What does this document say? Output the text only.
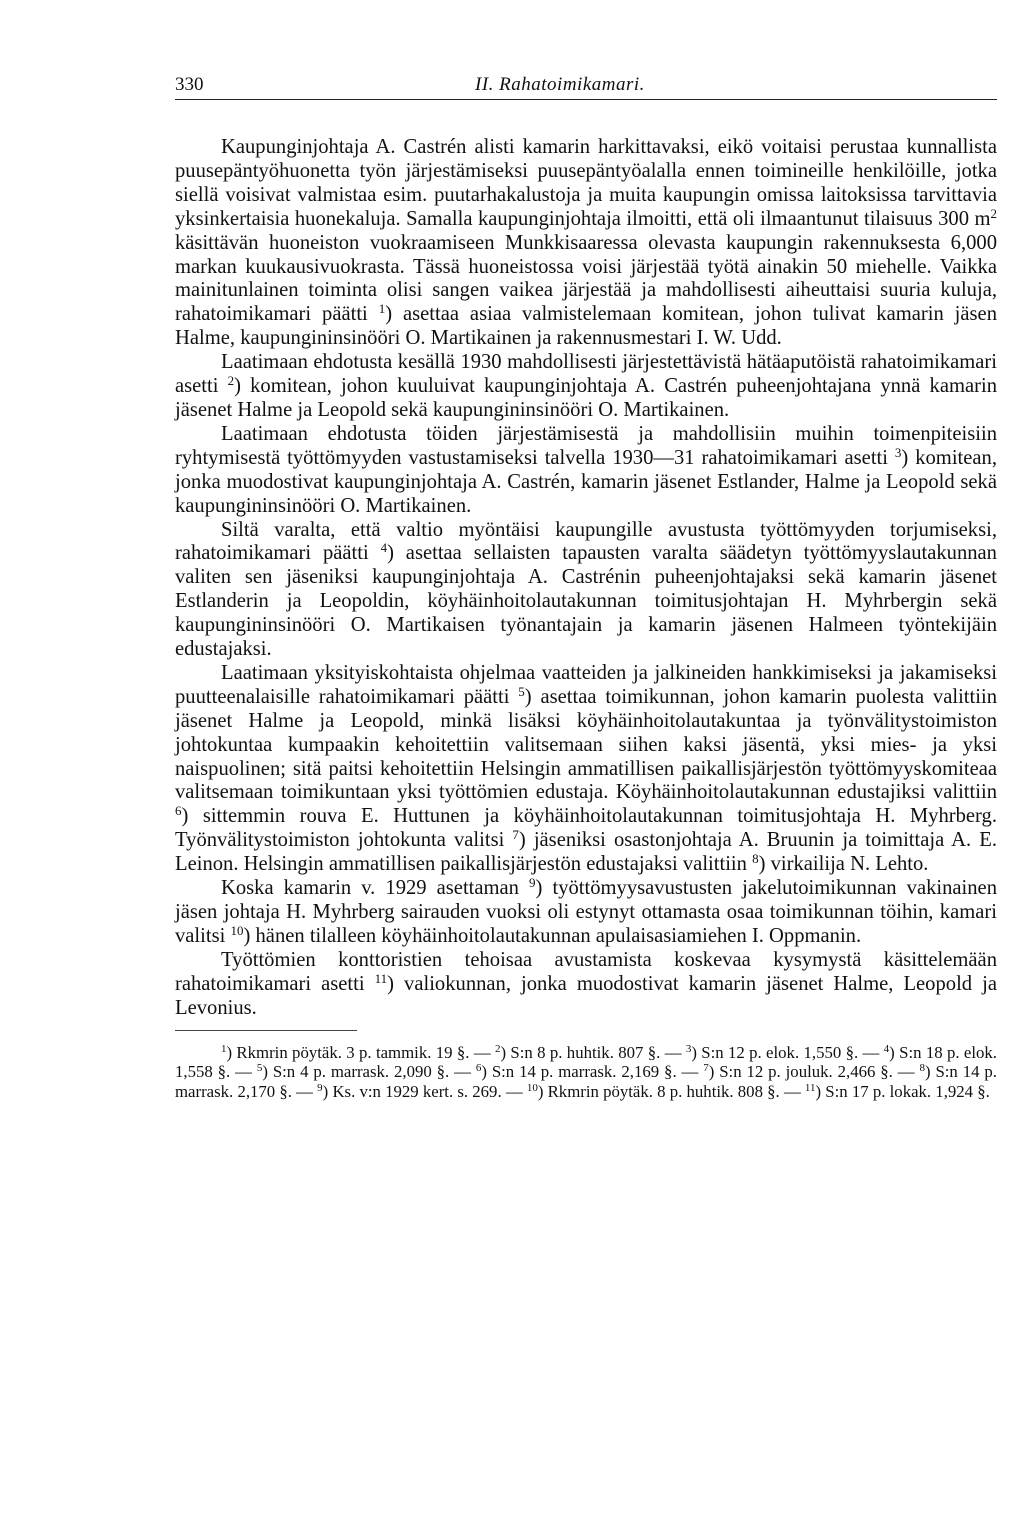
330	II. Rahatoimikamari.

Kaupunginjohtaja A. Castrén alisti kamarin harkittavaksi, eikö voitaisi perustaa kunnallista puusepäntyöhuonetta työn järjestämiseksi puusepäntyöalalla ennen toimineille henkilöille, jotka siellä voisivat valmistaa esim. puutarhakalustoja ja muita kaupungin omissa laitoksissa tarvittavia yksinkertaisia huonekaluja. Samalla kaupunginjohtaja ilmoitti, että oli ilmaantunut tilaisuus 300 $m^2$ käsittävän huoneiston vuokraamiseen Munkkisaaressa olevasta kaupungin rakennuksesta 6,000 markan kuukausivuokrasta. Tässä huoneistossa voisi järjestää työtä ainakin 50 miehelle. Vaikka mainitunlainen toiminta olisi sangen vaikea järjestää ja mahdollisesti aiheuttaisi suuria kuluja, rahatoimikamari päätti $^1$) asettaa asiaa valmistelemaan komitean, johon tulivat kamarin jäsen Halme, kaupungininsinööri O. Martikainen ja rakennusmestari I. W. Udd.

Laatimaan ehdotusta kesällä 1930 mahdollisesti järjestettävistä hätäaputöistä rahatoimikamari asetti $^2$) komitean, johon kuuluivat kaupunginjohtaja A. Castrén puheenjohtajana ynnä kamarin jäsenet Halme ja Leopold sekä kaupungininsinööri O. Martikainen.

Laatimaan ehdotusta töiden järjestämisestä ja mahdollisiin muihin toimenpiteisiin ryhtymisestä työttömyyden vastustamiseksi talvella 1930—31 rahatoimikamari asetti $^3$) komitean, jonka muodostivat kaupunginjohtaja A. Castrén, kamarin jäsenet Estlander, Halme ja Leopold sekä kaupungininsinööri O. Martikainen.

Siltä varalta, että valtio myöntäisi kaupungille avustusta työttömyyden torjumiseksi, rahatoimikamari päätti $^4$) asettaa sellaisten tapausten varalta säädetyn työttömyyslautakunnan valiten sen jäseniksi kaupunginjohtaja A. Castrénin puheenjohtajaksi sekä kamarin jäsenet Estlanderin ja Leopoldin, köyhäinhoitolautakunnan toimitusjohtajan H. Myhrbergin sekä kaupungininsinööri O. Martikaisen työnantajain ja kamarin jäsenen Halmeen työntekijäin edustajaksi.

Laatimaan yksityiskohtaista ohjelmaa vaatteiden ja jalkineiden hankkimiseksi ja jakamiseksi puutteenalaisille rahatoimikamari päätti $^5$) asettaa toimikunnan, johon kamarin puolesta valittiin jäsenet Halme ja Leopold, minkä lisäksi köyhäinhoitolautakuntaa ja työnvälitystoimiston johtokuntaa kumpaakin kehoitettiin valitsemaan siihen kaksi jäsentä, yksi mies- ja yksi naispuolinen; sitä paitsi kehoitettiin Helsingin ammatillisen paikallisjärjestön työttömyyskomiteaa valitsemaan toimikuntaan yksi työttömien edustaja. Köyhäinhoitolautakunnan edustajiksi valittiin $^6$) sittemmin rouva E. Huttunen ja köyhäinhoitolautakunnan toimitusjohtaja H. Myhrberg. Työnvälitystoimiston johtokunta valitsi $^7$) jäseniksi osastonjohtaja A. Bruunin ja toimittaja A. E. Leinon. Helsingin ammatillisen paikallisjärjestön edustajaksi valittiin $^8$) virkailija N. Lehto.

Koska kamarin v. 1929 asettaman $^9$) työttömyysavustusten jakelutoimikunnan vakinainen jäsen johtaja H. Myhrberg sairauden vuoksi oli estynyt ottamasta osaa toimikunnan töihin, kamari valitsi $^{10}$) hänen tilalleen köyhäinhoitolautakunnan apulaisasiamiehen I. Oppmanin.

Työttömien konttoristien tehoisaa avustamista koskevaa kysymystä käsittelemään rahatoimikamari asetti $^{11}$) valiokunnan, jonka muodostivat kamarin jäsenet Halme, Leopold ja Levonius.

$^1$) Rkmrin pöytäk. 3 p. tammik. 19 §. — $^2$) S:n 8 p. huhtik. 807 §. — $^3$) S:n 12 p. elok. 1,550 §. — $^4$) S:n 18 p. elok. 1,558 §. — $^5$) S:n 4 p. marrask. 2,090 §. — $^6$) S:n 14 p. marrask. 2,169 §. — $^7$) S:n 12 p. jouluk. 2,466 §. — $^8$) S:n 14 p. marrask. 2,170 §. — $^9$) Ks. v:n 1929 kert. s. 269. — $^{10}$) Rkmrin pöytäk. 8 p. huhtik. 808 §. — $^{11}$) S:n 17 p. lokak. 1,924 §.
